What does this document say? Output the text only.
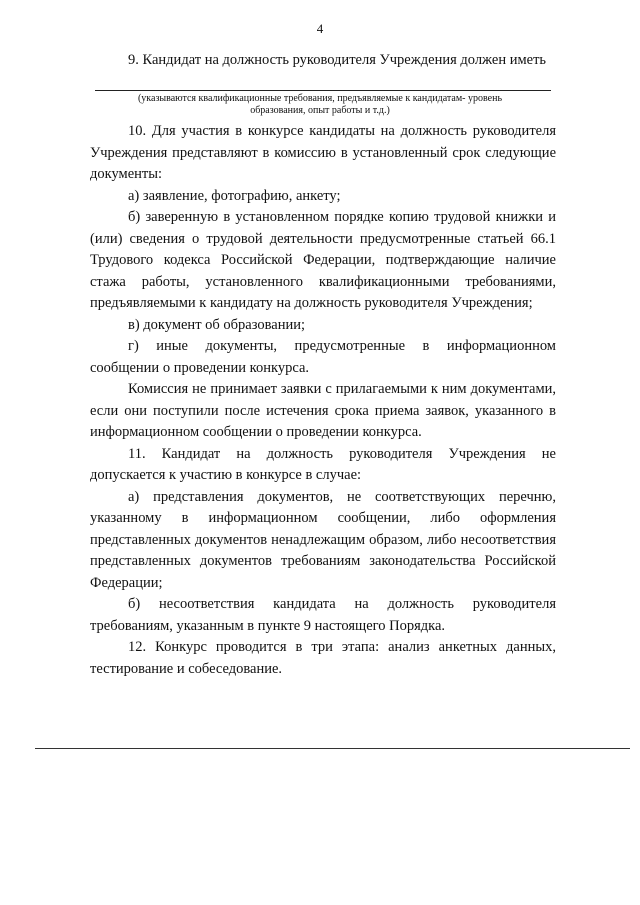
4

9. Кандидат на должность руководителя Учреждения должен иметь

(указываются квалификационные требования, предъявляемые к кандидатам- уровень образования, опыт работы и т.д.)

10. Для участия в конкурсе кандидаты на должность руководителя Учреждения представляют в комиссию в установленный срок следующие документы:

а) заявление, фотографию, анкету;

б) заверенную в установленном порядке копию трудовой книжки и (или) сведения о трудовой деятельности предусмотренные статьей 66.1 Трудового кодекса Российской Федерации, подтверждающие наличие стажа работы, установленного квалификационными требованиями, предъявляемыми к кандидату на должность руководителя Учреждения;

в) документ об образовании;

г) иные документы, предусмотренные в информационном сообщении о проведении конкурса.

Комиссия не принимает заявки с прилагаемыми к ним документами, если они поступили после истечения срока приема заявок, указанного в информационном сообщении о проведении конкурса.

11. Кандидат на должность руководителя Учреждения не допускается к участию в конкурсе в случае:

а) представления документов, не соответствующих перечню, указанному в информационном сообщении, либо оформления представленных документов ненадлежащим образом, либо несоответствия представленных документов требованиям законодательства Российской Федерации;

б) несоответствия кандидата на должность руководителя требованиям, указанным в пункте 9 настоящего Порядка.

12. Конкурс проводится в три этапа: анализ анкетных данных, тестирование и собеседование.
